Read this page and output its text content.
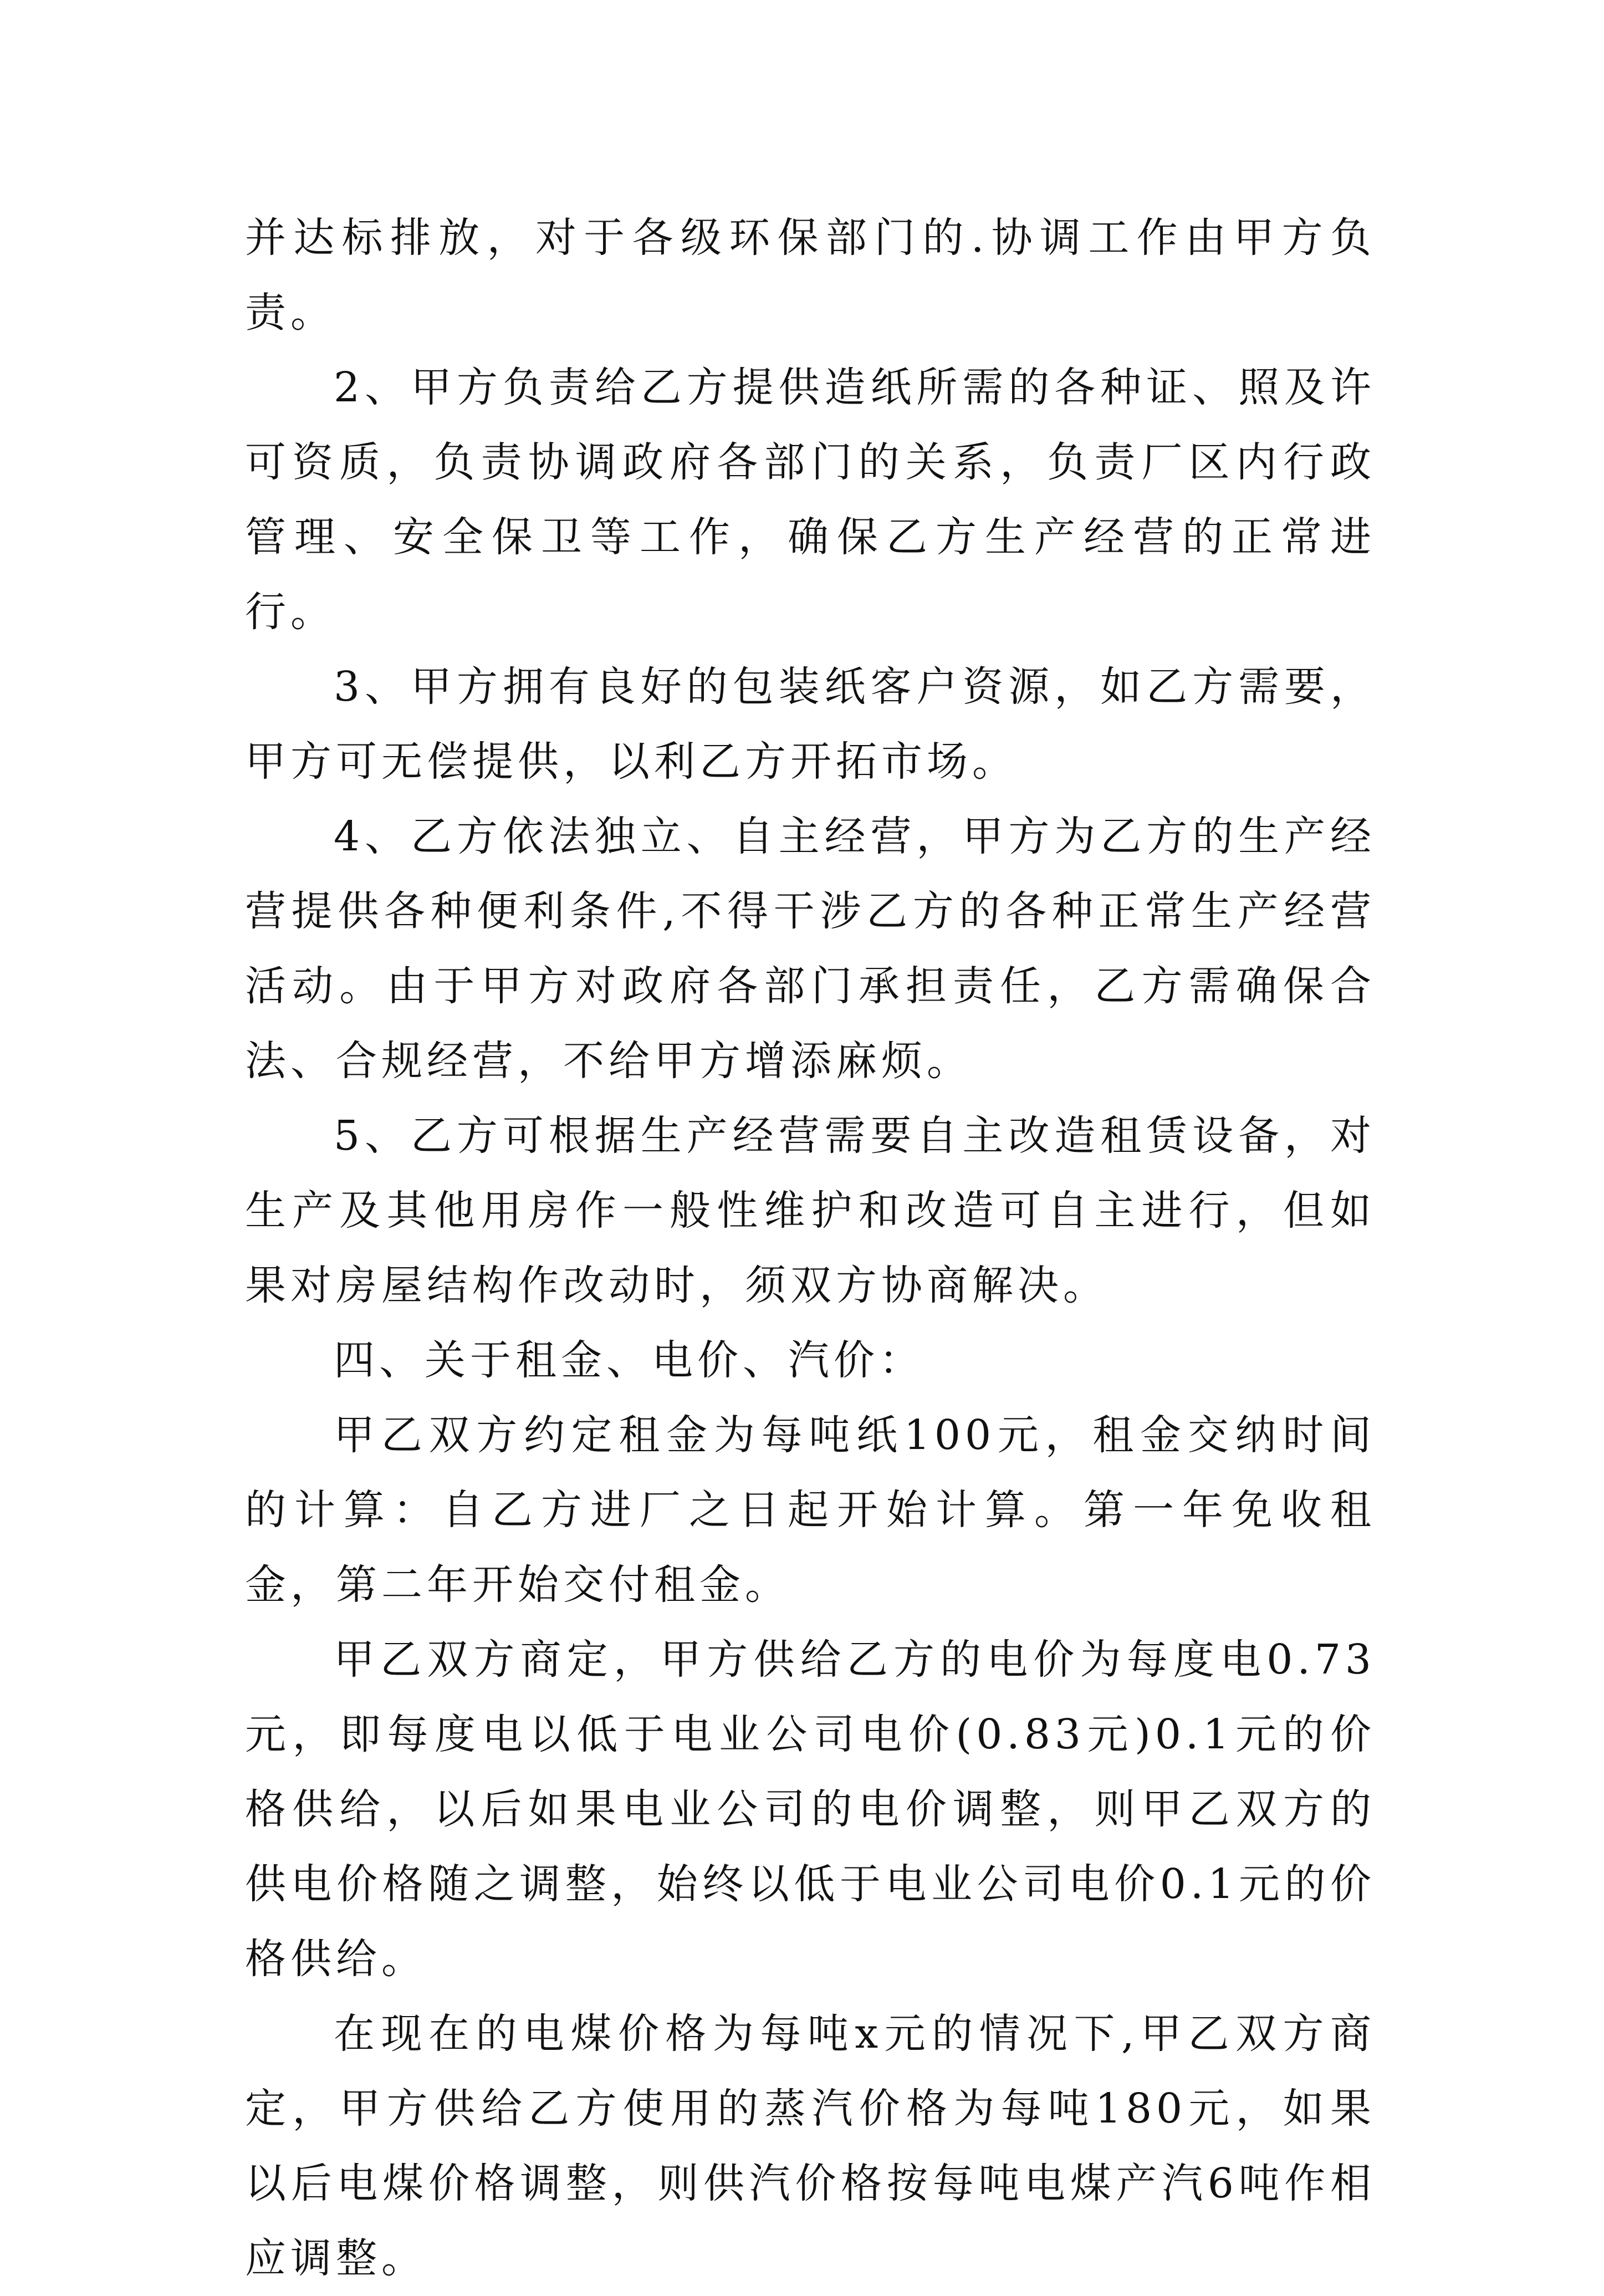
并达标排放，对于各级环保部门的.协调工作由甲方负责。

2、甲方负责给乙方提供造纸所需的各种证、照及许可资质，负责协调政府各部门的关系，负责厂区内行政管理、安全保卫等工作，确保乙方生产经营的正常进行。

3、甲方拥有良好的包装纸客户资源，如乙方需要，甲方可无偿提供，以利乙方开拓市场。

4、乙方依法独立、自主经营，甲方为乙方的生产经营提供各种便利条件,不得干涉乙方的各种正常生产经营活动。由于甲方对政府各部门承担责任，乙方需确保合法、合规经营，不给甲方增添麻烦。

5、乙方可根据生产经营需要自主改造租赁设备，对生产及其他用房作一般性维护和改造可自主进行，但如果对房屋结构作改动时，须双方协商解决。

四、关于租金、电价、汽价：

甲乙双方约定租金为每吨纸100元，租金交纳时间的计算：自乙方进厂之日起开始计算。第一年免收租金，第二年开始交付租金。

甲乙双方商定，甲方供给乙方的电价为每度电0.73元，即每度电以低于电业公司电价(0.83元)0.1元的价格供给，以后如果电业公司的电价调整，则甲乙双方的供电价格随之调整，始终以低于电业公司电价0.1元的价格供给。

在现在的电煤价格为每吨x元的情况下,甲乙双方商定，甲方供给乙方使用的蒸汽价格为每吨180元，如果以后电煤价格调整，则供汽价格按每吨电煤产汽6吨作相应调整。
